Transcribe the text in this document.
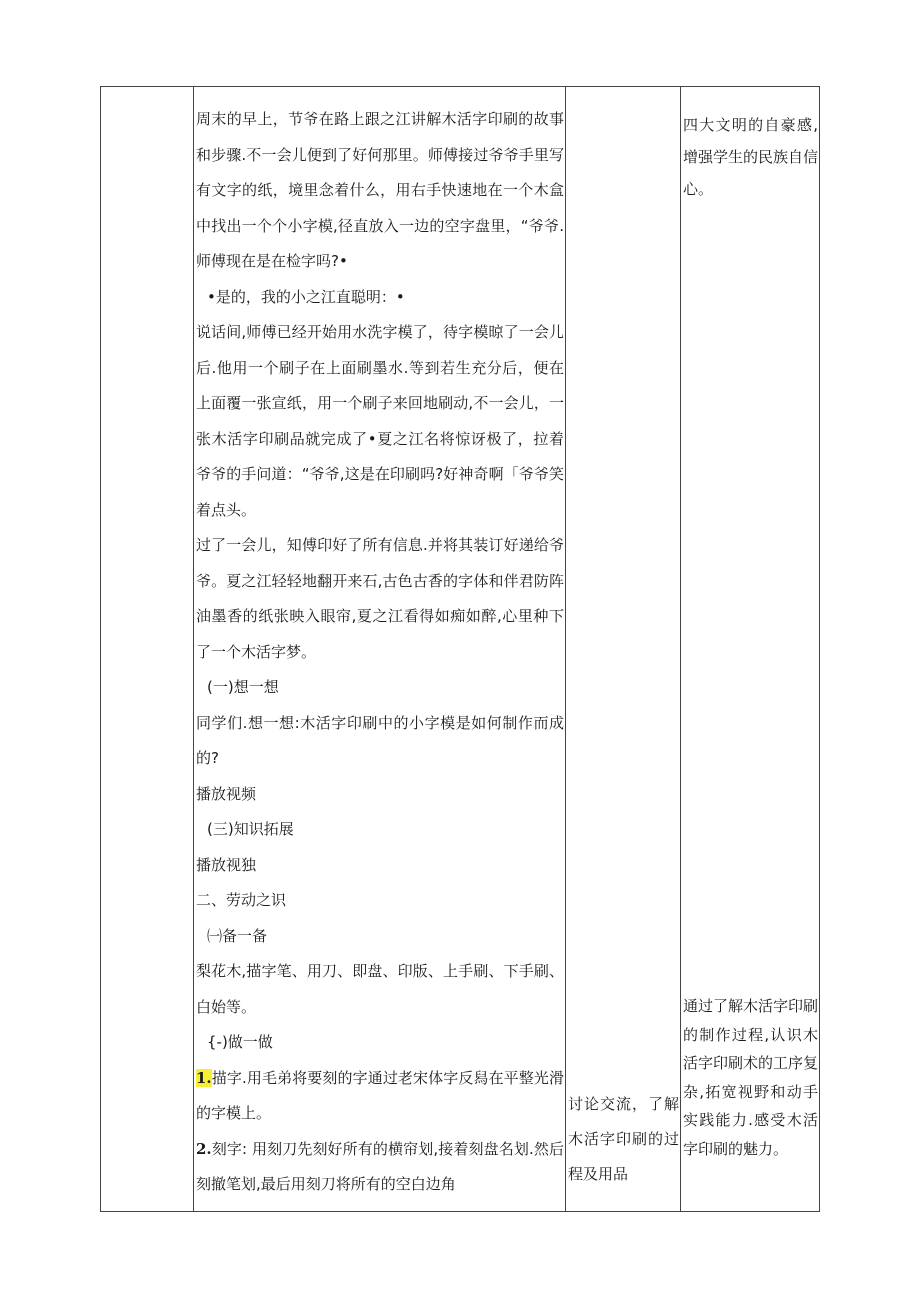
周末的早上，节爷在路上跟之江讲解木活字印刷的故事和步骤.不一会儿便到了好何那里。师傅接过爷爷手里写有文字的纸，境里念着什么，用右手快速地在一个木盒中找出一个个小字模,径直放入一边的空字盘里，“爷爷.师傅现在是在检字吗?•

•是的，我的小之江直聪明：•

说话间,师傅已经开始用水洗字模了，待字模晾了一会儿后.他用一个刷子在上面刷墨水.等到若生充分后，便在上面覆一张宣纸，用一个刷子来回地刷动,不一会儿，一张木活字印刷品就完成了•夏之江名将惊讶极了，拉着爷爷的手问道：“爷爷,这是在印刷吗?好神奇啊「爷爷笑着点头。

过了一会儿，知傅印好了所有信息.并将其装订好递给爷爷。夏之江轻轻地翻开来石,古色古香的字体和伴君防阵油墨香的纸张映入眼帘,夏之江看得如痴如醉,心里种下了一个木活字梦。

(一)想一想

同学们.想一想:木活字印刷中的小字模是如何制作而成的?

播放视频

(三)知识拓展

播放视独

二、劳动之识

㈠备一备

梨花木,描字笔、用刀、即盘、印版、上手刷、下手刷、白始等。

{-)做一做

1.描字.用毛弟将要刻的字通过老宋体字反舄在平整光滑的字模上。

2.刻字: 用刻刀先刻好所有的横帘划,接着刻盘名划.然后刻撤笔划,最后用刻刀将所有的空白边角

讨论交流，了解木活字印刷的过程及用品

四大文明的自豪感,增强学生的民族自信心。

通过了解木活字印刷的制作过程,认识木活字印刷术的工序复杂,拓宽视野和动手实践能力.感受木活字印刷的魅力。
